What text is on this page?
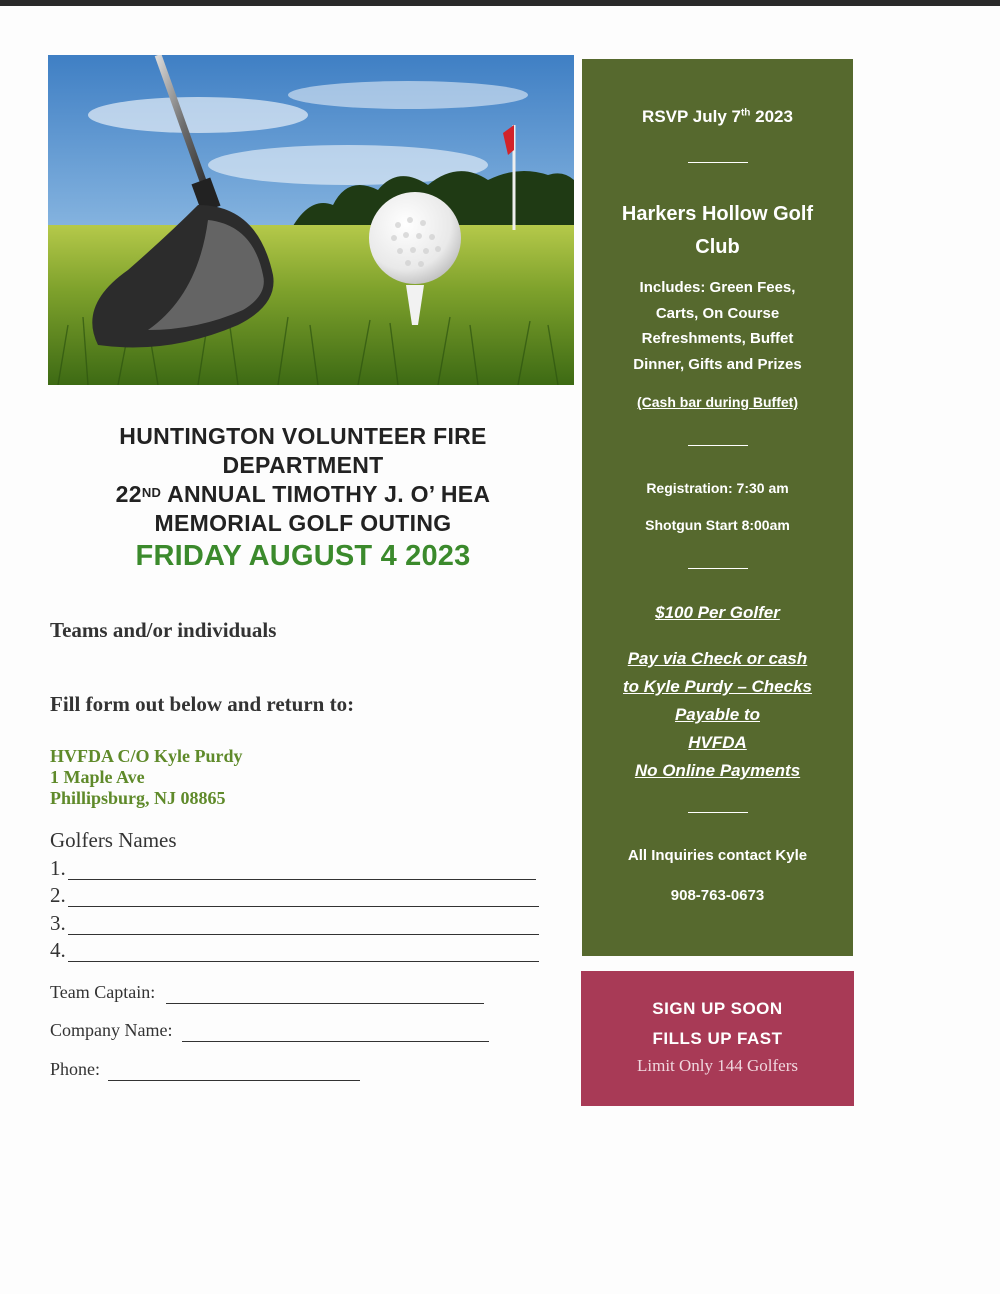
HUNTINGTON VOLUNTEER FIRE
DEPARTMENT
22ND ANNUAL TIMOTHY J. O’ HEA
MEMORIAL GOLF OUTING
FRIDAY AUGUST 4 2023
Teams and/or individuals
Fill form out below and return to:
HVFDA C/O Kyle Purdy
1 Maple Ave
Phillipsburg, NJ 08865
Golfers Names
1.
2.
3.
4.
Team Captain:
Company Name:
Phone:
RSVP July 7th 2023
Harkers Hollow Golf
Club
Includes: Green Fees,
Carts, On Course
Refreshments, Buffet
Dinner, Gifts and Prizes
(Cash bar during Buffet)
Registration: 7:30 am
Shotgun Start 8:00am
$100 Per Golfer
Pay via Check or cash
to Kyle Purdy – Checks
Payable to
HVFDA
No Online Payments
All Inquiries contact Kyle
908-763-0673
SIGN UP SOON
FILLS UP FAST
Limit Only 144 Golfers
